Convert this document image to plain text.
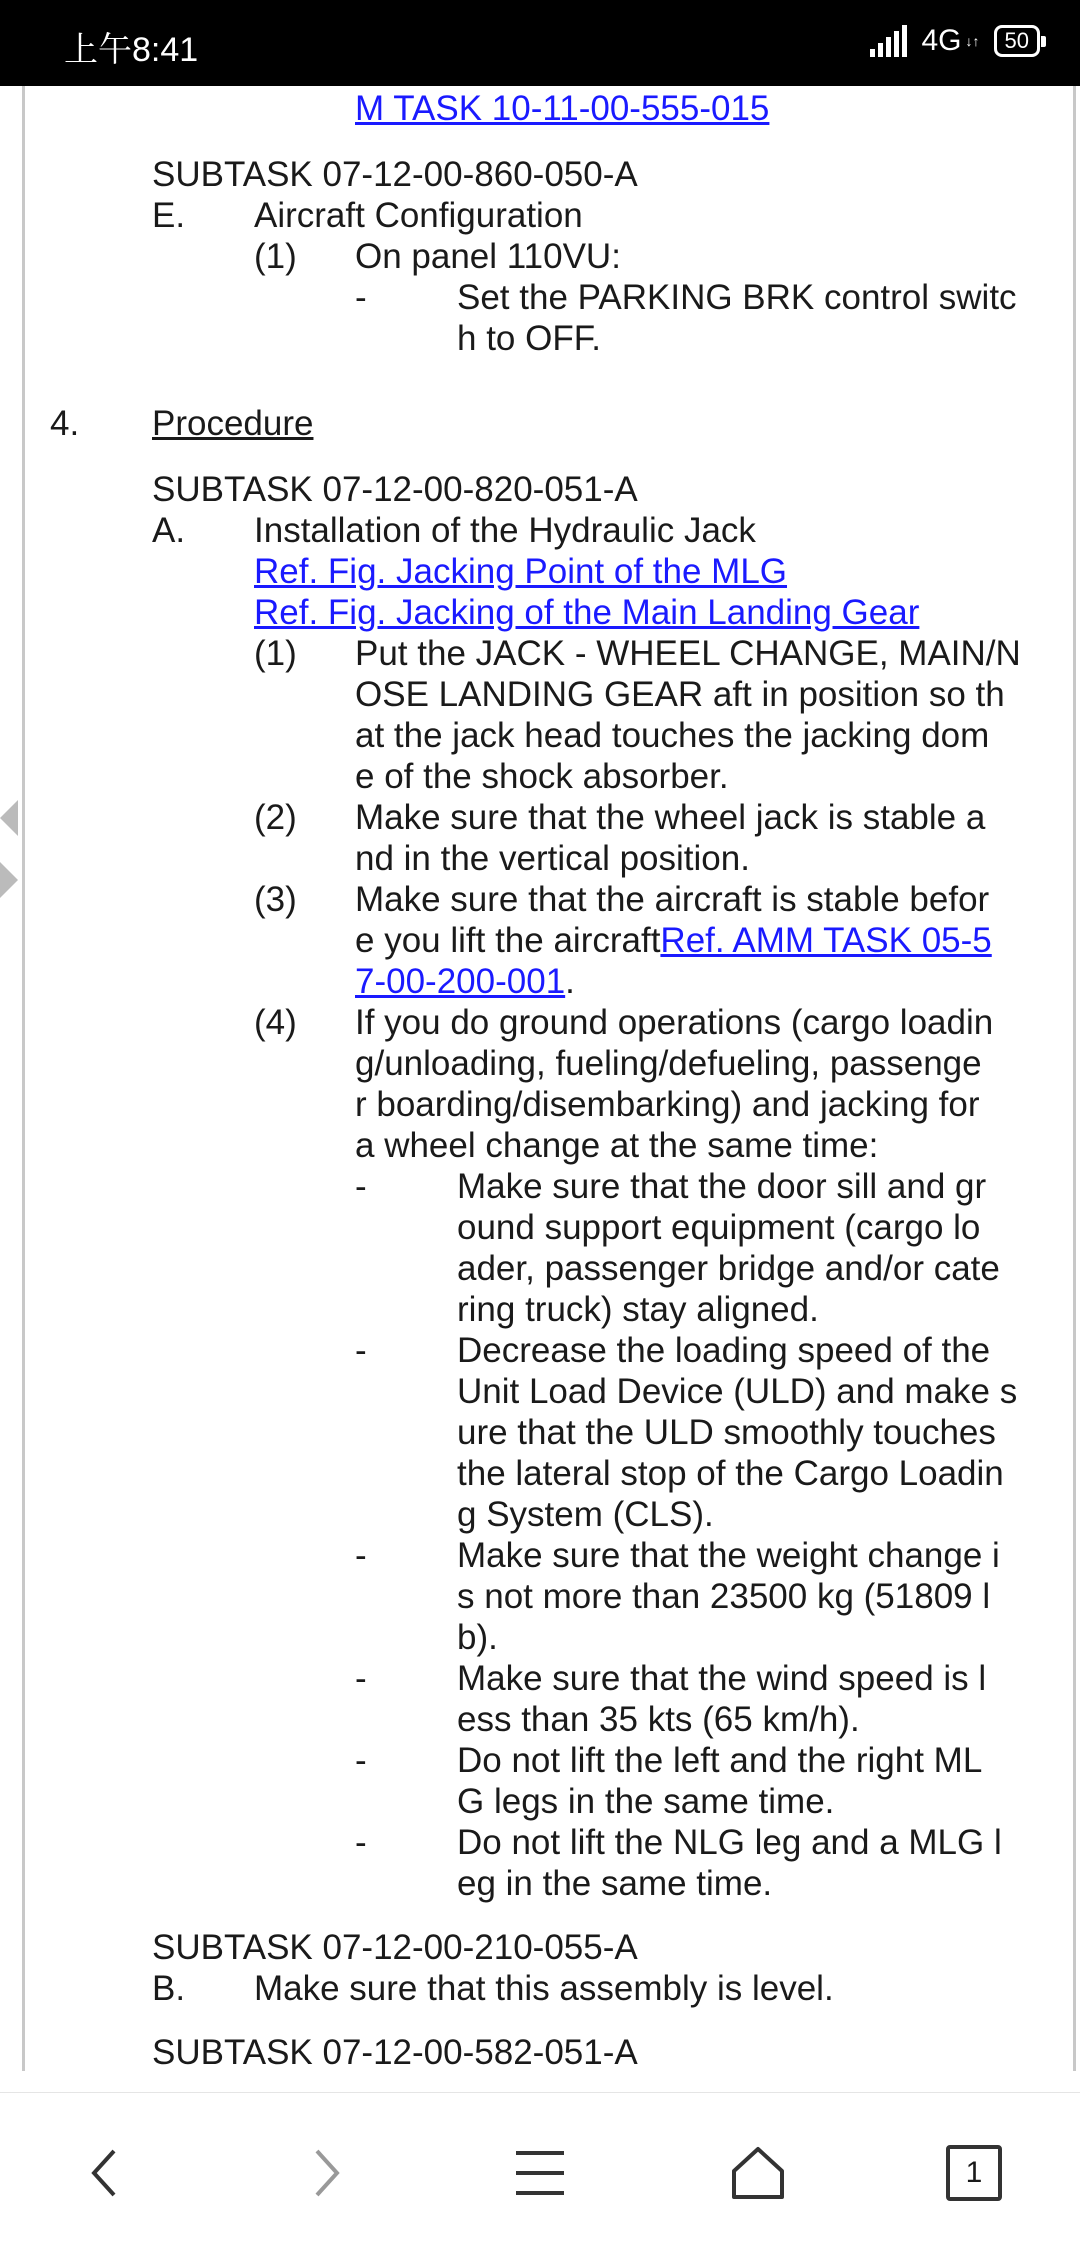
上午8:41	4G ↓↑	50
M TASK 10-11-00-555-015
SUBTASK 07-12-00-860-050-A
E. Aircraft Configuration
(1) On panel 110VU:
-	Set the PARKING BRK control switc
h to OFF.
4. Procedure
SUBTASK 07-12-00-820-051-A
A. Installation of the Hydraulic Jack
Ref. Fig. Jacking Point of the MLG
Ref. Fig. Jacking of the Main Landing Gear
(1) Put the JACK - WHEEL CHANGE, MAIN/N
OSE LANDING GEAR aft in position so th
at the jack head touches the jacking dom
e of the shock absorber.
(2) Make sure that the wheel jack is stable a
nd in the vertical position.
(3) Make sure that the aircraft is stable befor
e you lift the aircraftRef. AMM TASK 05-5
7-00-200-001.
(4) If you do ground operations (cargo loadin
g/unloading, fueling/defueling, passenge
r boarding/disembarking) and jacking for
a wheel change at the same time:
-	Make sure that the door sill and gr
ound support equipment (cargo lo
ader, passenger bridge and/or cate
ring truck) stay aligned.
-	Decrease the loading speed of the
Unit Load Device (ULD) and make s
ure that the ULD smoothly touches
the lateral stop of the Cargo Loadin
g System (CLS).
-	Make sure that the weight change i
s not more than 23500 kg (51809 l
b).
-	Make sure that the wind speed is l
ess than 35 kts (65 km/h).
-	Do not lift the left and the right ML
G legs in the same time.
-	Do not lift the NLG leg and a MLG l
eg in the same time.
SUBTASK 07-12-00-210-055-A
B. Make sure that this assembly is level.
SUBTASK 07-12-00-582-051-A
1
